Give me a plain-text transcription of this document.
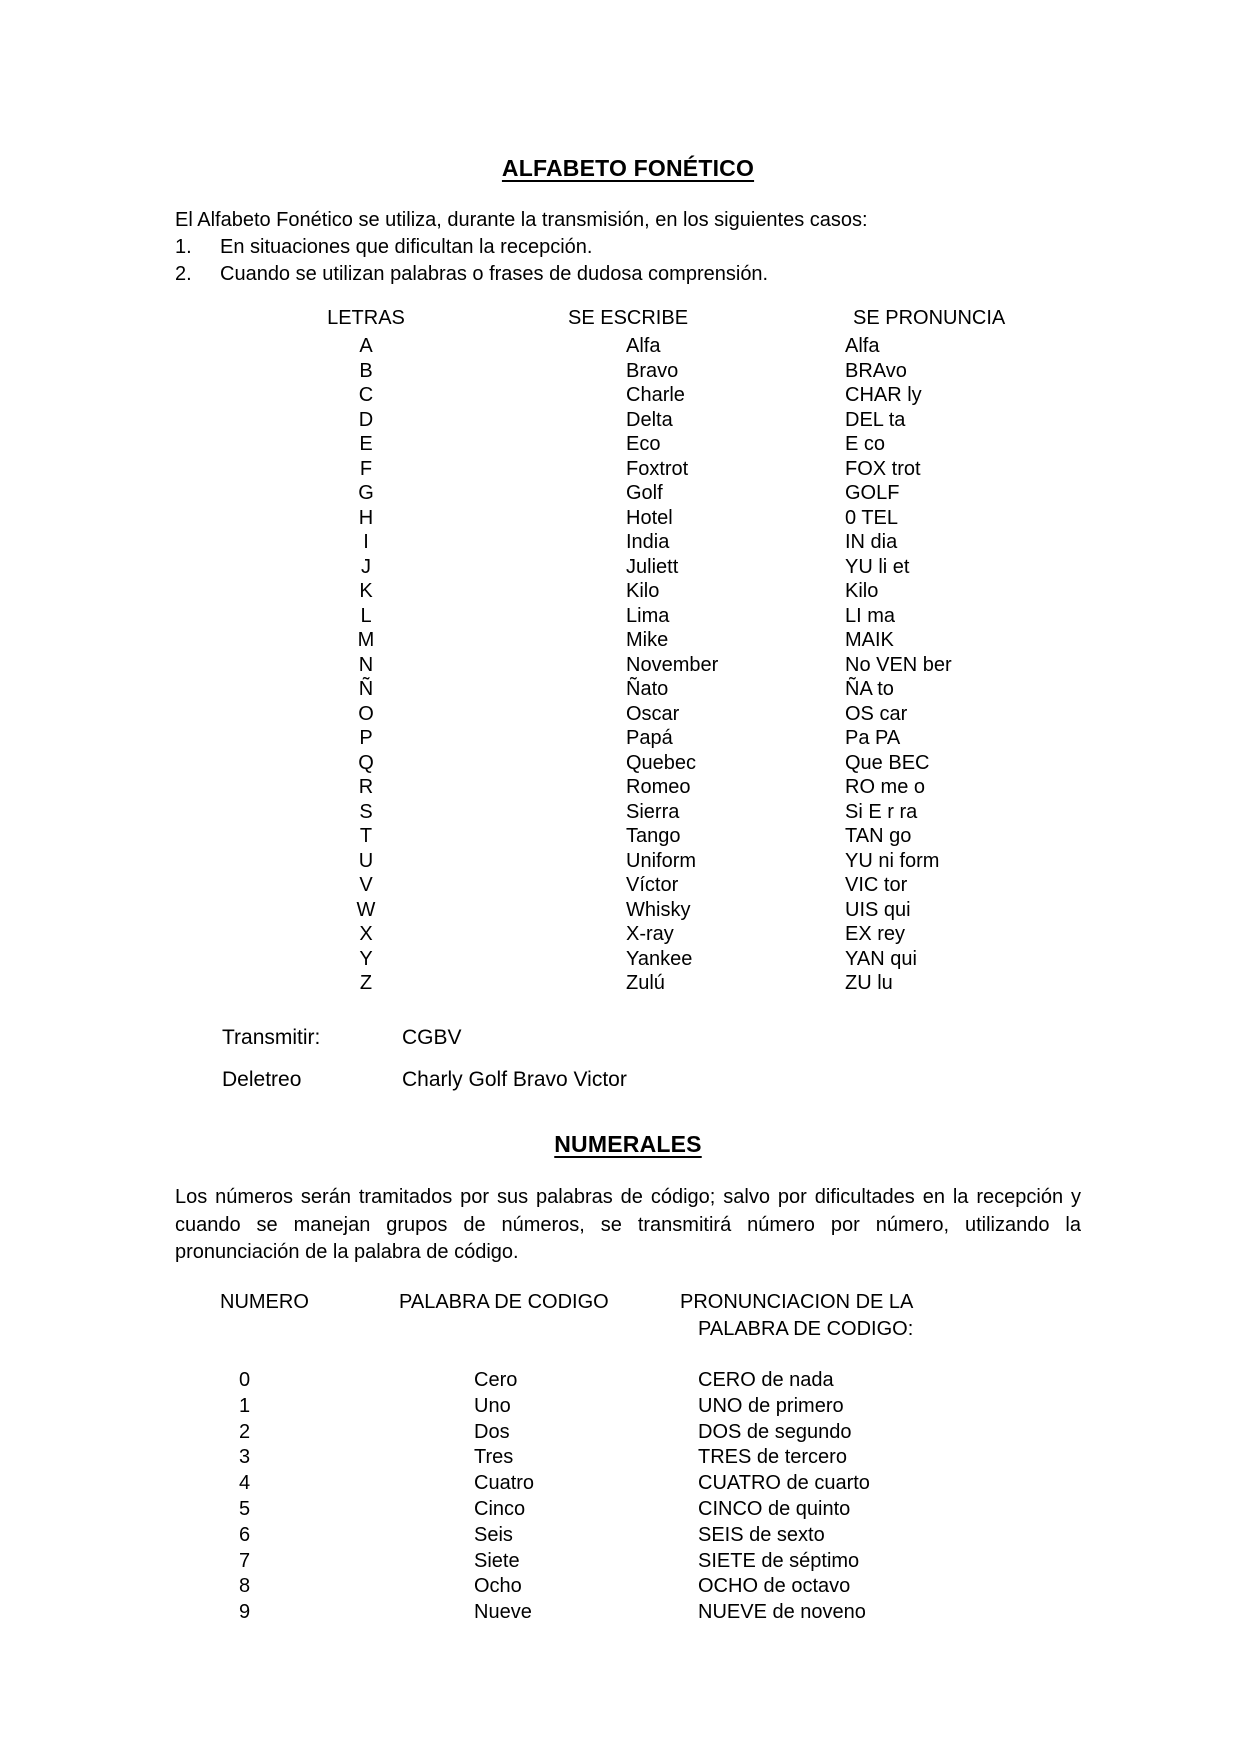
ALFABETO FONÉTICO
El Alfabeto Fonético se utiliza, durante la transmisión, en los siguientes casos:
1. En situaciones que dificultan la recepción.
2. Cuando se utilizan palabras o frases de dudosa comprensión.
LETRAS	SE ESCRIBE	SE PRONUNCIA
A	Alfa	Alfa
B	Bravo	BRAvo
C	Charle	CHAR ly
D	Delta	DEL ta
E	Eco	E co
F	Foxtrot	FOX trot
G	Golf	GOLF
H	Hotel	0 TEL
I	India	IN dia
J	Juliett	YU li et
K	Kilo	Kilo
L	Lima	LI ma
M	Mike	MAIK
N	November	No VEN ber
Ñ	Ñato	ÑA to
O	Oscar	OS car
P	Papá	Pa PA
Q	Quebec	Que BEC
R	Romeo	RO me o
S	Sierra	Si E r ra
T	Tango	TAN go
U	Uniform	YU ni form
V	Víctor	VIC tor
W	Whisky	UIS qui
X	X-ray	EX rey
Y	Yankee	YAN qui
Z	Zulú	ZU lu
Transmitir:	CGBV
Deletreo	Charly Golf Bravo Victor
NUMERALES
Los números serán tramitados por sus palabras de código; salvo por dificultades en la recepción y cuando se manejan grupos de números, se transmitirá número por número, utilizando la pronunciación de la palabra de código.
NUMERO	PALABRA DE CODIGO	PRONUNCIACION DE LA
PALABRA DE CODIGO:
0	Cero	CERO de nada
1	Uno	UNO de primero
2	Dos	DOS de segundo
3	Tres	TRES de tercero
4	Cuatro	CUATRO de cuarto
5	Cinco	CINCO de quinto
6	Seis	SEIS de sexto
7	Siete	SIETE de séptimo
8	Ocho	OCHO de octavo
9	Nueve	NUEVE de noveno
